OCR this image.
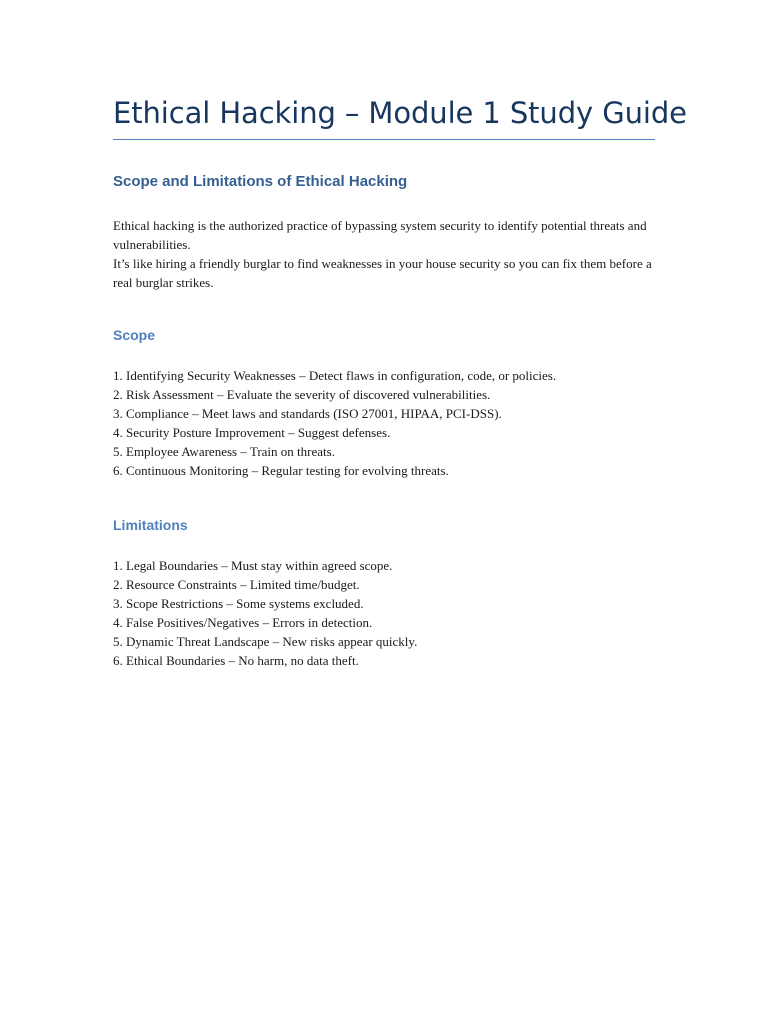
Ethical Hacking – Module 1 Study Guide
Scope and Limitations of Ethical Hacking

Ethical hacking is the authorized practice of bypassing system security to identify potential threats and vulnerabilities.

It’s like hiring a friendly burglar to find weaknesses in your house security so you can fix them before a real burglar strikes.

Scope
1. Identifying Security Weaknesses – Detect flaws in configuration, code, or policies.
2. Risk Assessment – Evaluate the severity of discovered vulnerabilities.
3. Compliance – Meet laws and standards (ISO 27001, HIPAA, PCI-DSS).
4. Security Posture Improvement – Suggest defenses.
5. Employee Awareness – Train on threats.
6. Continuous Monitoring – Regular testing for evolving threats.
Limitations
1. Legal Boundaries – Must stay within agreed scope.
2. Resource Constraints – Limited time/budget.
3. Scope Restrictions – Some systems excluded.
4. False Positives/Negatives – Errors in detection.
5. Dynamic Threat Landscape – New risks appear quickly.
6. Ethical Boundaries – No harm, no data theft.
